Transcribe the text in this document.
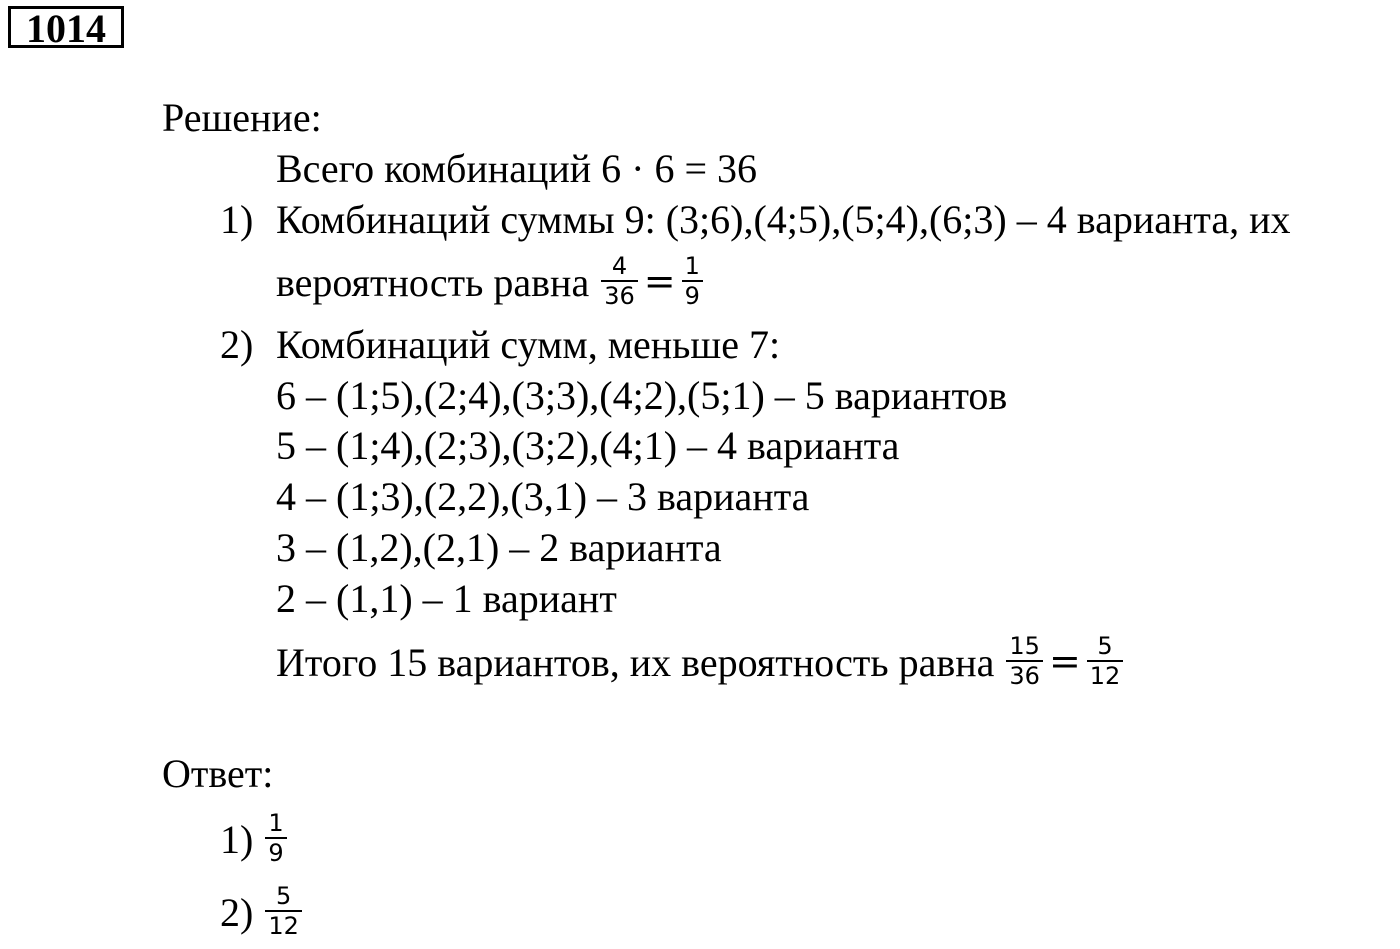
1014
Решение:
Всего комбинаций 6 · 6 = 36
1) Комбинаций суммы 9: (3;6),(4;5),(5;4),(6;3) – 4 варианта, их
вероятность равна $\frac{4}{36} = \frac{1}{9}$
2) Комбинаций сумм, меньше 7:
6 – (1;5),(2;4),(3;3),(4;2),(5;1) – 5 вариантов
5 – (1;4),(2;3),(3;2),(4;1) – 4 варианта
4 – (1;3),(2,2),(3,1) – 3 варианта
3 – (1,2),(2,1) – 2 варианта
2 – (1,1) – 1 вариант
Итого 15 вариантов, их вероятность равна $\frac{15}{36} = \frac{5}{12}$
Ответ:
$1) \frac{1}{9}$
$2) \frac{5}{12}$
